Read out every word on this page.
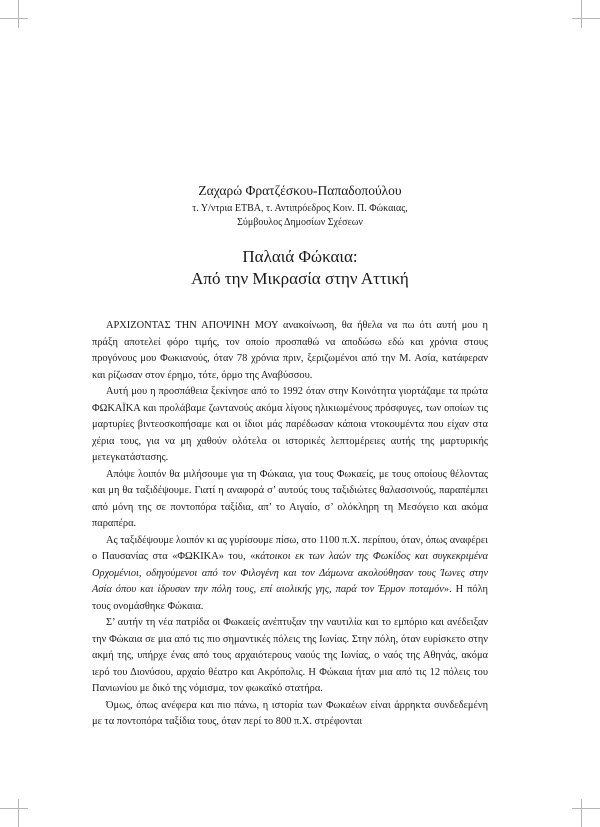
Ζαχαρώ Φρατζέσκου-Παπαδοπούλου
τ. Υ/ντρια ΕΤΒΑ, τ. Αντιπρόεδρος Κοιν. Π. Φώκαιας,
Σύμβουλος Δημοσίων Σχέσεων
Παλαιά Φώκαια:
Από την Μικρασία στην Αττική

ΑΡΧΙΖΟΝΤΑΣ ΤΗΝ ΑΠΟΨΙΝΗ ΜΟΥ ανακοίνωση, θα ήθελα να πω ότι αυτή μου η πράξη αποτελεί φόρο τιμής, τον οποίο προσπαθώ να αποδώσω εδώ και χρόνια στους προγόνους μου Φωκιανούς, όταν 78 χρόνια πριν, ξεριζωμένοι από την Μ. Ασία, κατάφεραν και ρίζωσαν στον έρημο, τότε, όρμο της Αναβύσσου.

Αυτή μου η προσπάθεια ξεκίνησε από το 1992 όταν στην Κοινότητα γιορτάζαμε τα πρώτα ΦΩΚΑΪΚΑ και προλάβαμε ζωντανούς ακόμα λίγους ηλικιωμένους πρόσφυγες, των οποίων τις μαρτυρίες βιντεοσκοπήσαμε και οι ίδιοι μάς παρέδωσαν κάποια ντοκουμέντα που είχαν στα χέρια τους, για να μη χαθούν ολότελα οι ιστορικές λεπτομέρειες αυτής της μαρτυρικής μετεγκατάστασης.

Απόψε λοιπόν θα μιλήσουμε για τη Φώκαια, για τους Φωκαείς, με τους οποίους θέλοντας και μη θα ταξιδέψουμε. Γιατί η αναφορά σ’ αυτούς τους ταξιδιώτες θαλασσινούς, παραπέμπει από μόνη της σε ποντοπόρα ταξίδια, απ’ το Αιγαίο, σ’ ολόκληρη τη Μεσόγειο και ακόμα παραπέρα.

Ας ταξιδέψουμε λοιπόν κι ας γυρίσουμε πίσω, στο 1100 π.Χ. περίπου, όταν, όπως αναφέρει ο Παυσανίας στα «ΦΩΚΙΚΑ» του, «κάτοικοι εκ των λαών της Φωκίδος και συγκεκριμένα Ορχομένιοι, οδηγούμενοι από τον Φιλογένη και τον Δάμωνα ακολούθησαν τους Ίωνες στην Ασία όπου και ίδρυσαν την πόλη τους, επί αιολικής γης, παρά τον Έρμον ποταμόν». Η πόλη τους ονομάσθηκε Φώκαια.

Σ’ αυτήν τη νέα πατρίδα οι Φωκαείς ανέπτυξαν την ναυτιλία και το εμπόριο και ανέδειξαν την Φώκαια σε μια από τις πιο σημαντικές πόλεις της Ιωνίας. Στην πόλη, όταν ευρίσκετο στην ακμή της, υπήρχε ένας από τους αρχαιότερους ναούς της Ιωνίας, ο ναός της Αθηνάς, ακόμα ιερό του Διονύσου, αρχαίο θέατρο και Ακρόπολις. Η Φώκαια ήταν μια από τις 12 πόλεις του Πανιωνίου με δικό της νόμισμα, τον φωκαϊκό στατήρα.

Όμως, όπως ανέφερα και πιο πάνω, η ιστορία των Φωκαέων είναι άρρηκτα συνδεδεμένη με τα ποντοπόρα ταξίδια τους, όταν περί το 800 π.Χ. στρέφονται
